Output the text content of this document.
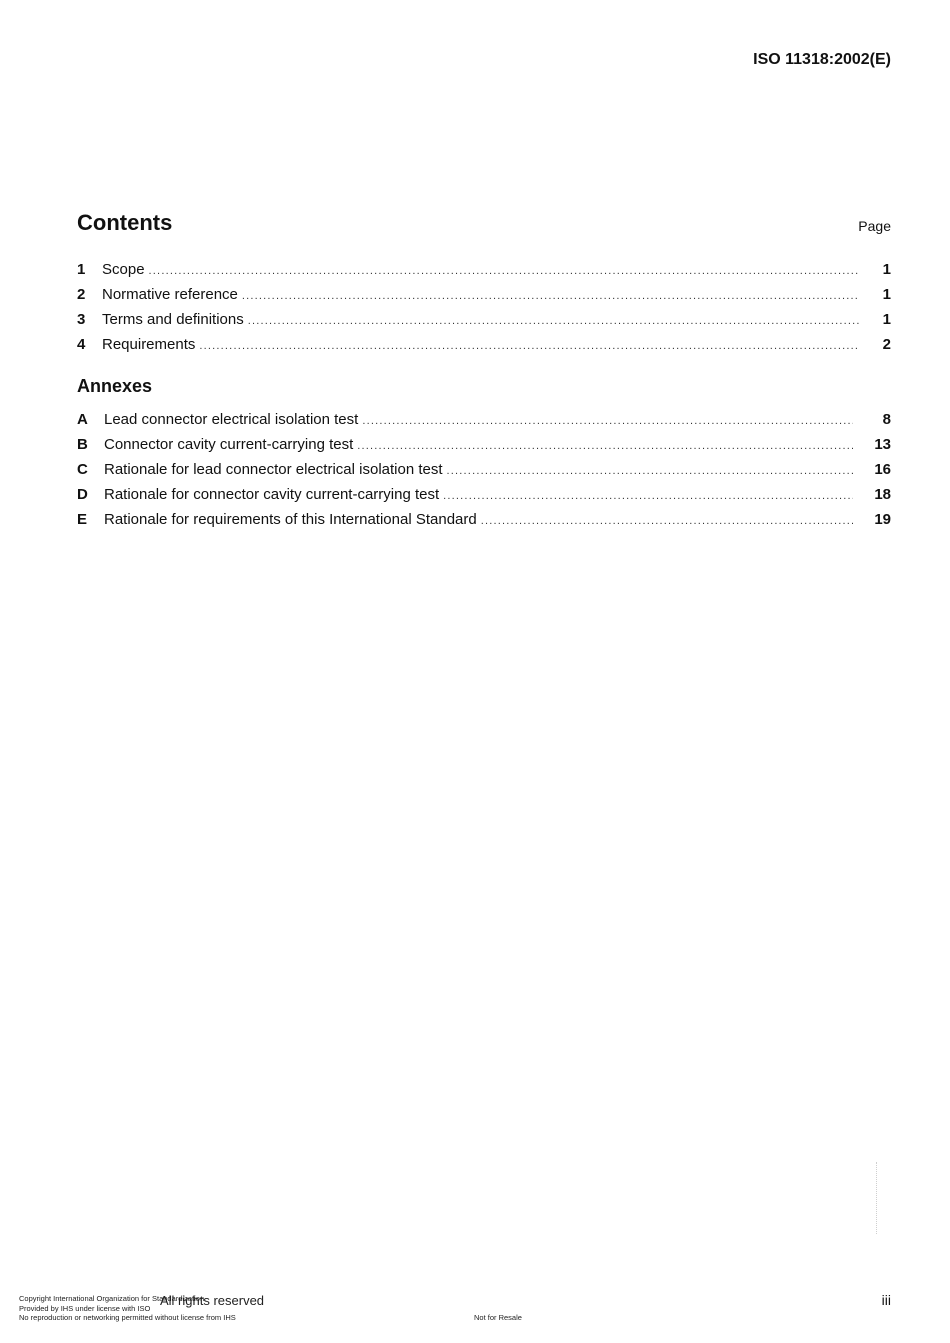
ISO 11318:2002(E)
Contents	Page
1	Scope .....	1
2	Normative reference .....	1
3	Terms and definitions .....	1
4	Requirements .....	2
Annexes
A	Lead connector electrical isolation test .....	8
B	Connector cavity current-carrying test .....	13
C	Rationale for lead connector electrical isolation test .....	16
D	Rationale for connector cavity current-carrying test .....	18
E	Rationale for requirements of this International Standard .....	19
All rights reserved
Copyright International Organization for Standardization
Provided by IHS under license with ISO
No reproduction or networking permitted without license from IHS	Not for Resale
iii
